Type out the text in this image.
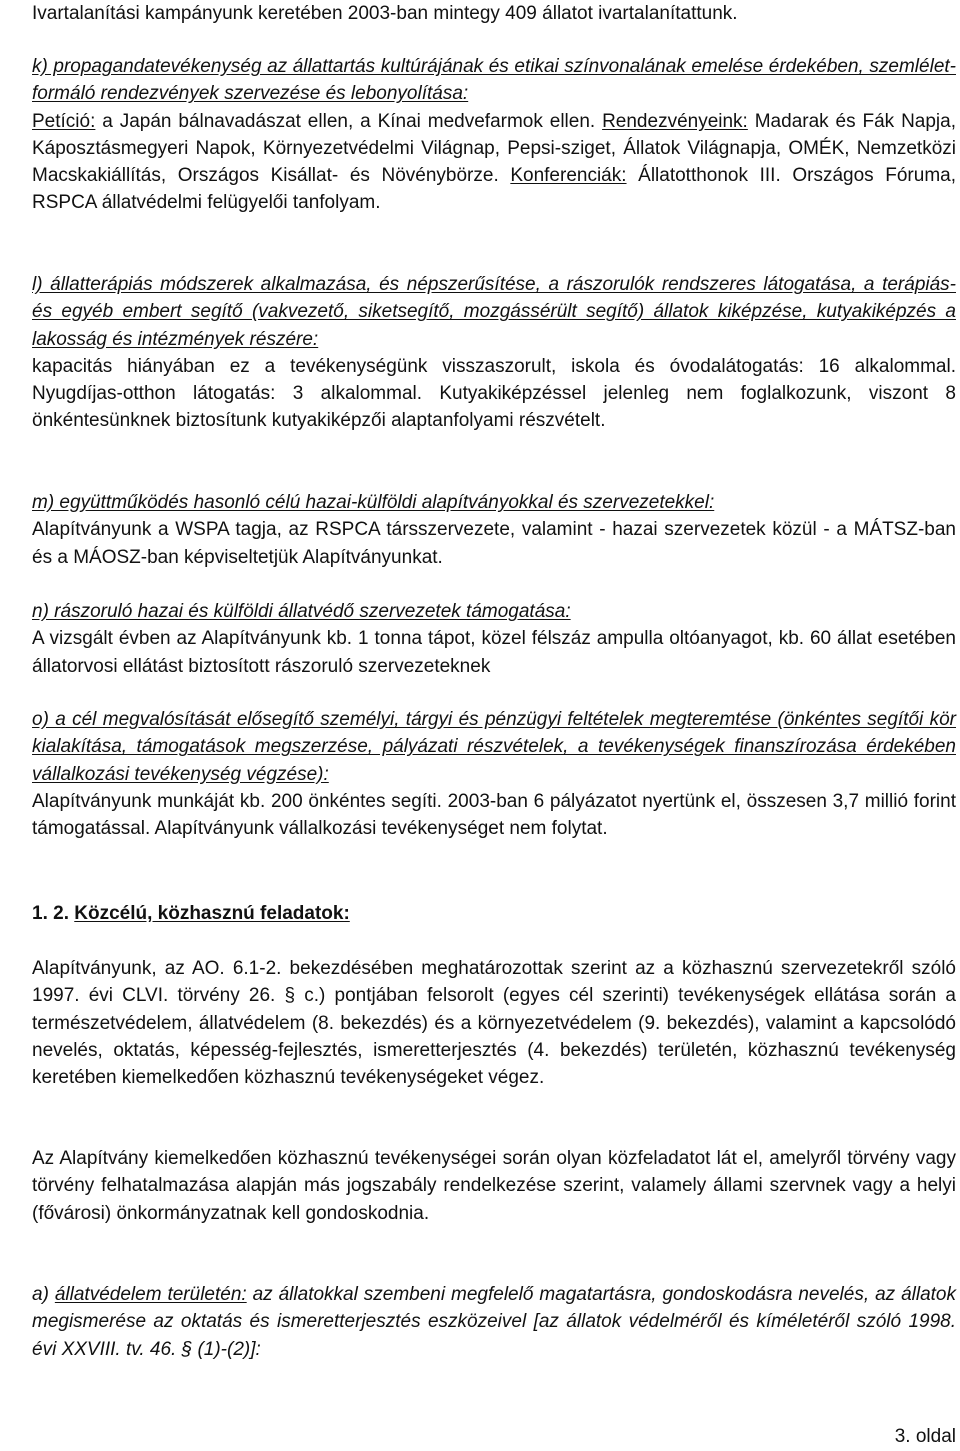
Ivartalanítási kampányunk keretében 2003-ban mintegy 409 állatot ivartalanítattunk.

k) propagandatevékenység az állattartás kultúrájának és etikai színvonalának emelése érdekében, szemlélet-formáló rendezvények szervezése és lebonyolítása:
Petíció: a Japán bálnavadászat ellen, a Kínai medvefarmok ellen. Rendezvényeink: Madarak és Fák Napja, Káposztásmegyeri Napok, Környezetvédelmi Világnap, Pepsi-sziget, Állatok Világnapja, OMÉK, Nemzetközi Macskakiállítás, Országos Kisállat- és Növénybörze. Konferenciák: Állatotthonok III. Országos Fóruma, RSPCA állatvédelmi felügyelői tanfolyam.
l) állatterápiás módszerek alkalmazása, és népszerűsítése, a rászorulók rendszeres látogatása, a terápiás- és egyéb embert segítő (vakvezető, siketsegítő, mozgássérült segítő) állatok kiképzése, kutyakiképzés a lakosság és intézmények részére:
kapacitás hiányában ez a tevékenységünk visszaszorult, iskola és óvodalátogatás: 16 alkalommal. Nyugdíjas-otthon látogatás: 3 alkalommal. Kutyakiképzéssel jelenleg nem foglalkozunk, viszont 8 önkéntesünknek biztosítunk kutyakiképzői alaptanfolyami részvételt.
m) együttműködés hasonló célú hazai-külföldi alapítványokkal és szervezetekkel:
Alapítványunk a WSPA tagja, az RSPCA társszervezete, valamint - hazai szervezetek közül - a MÁTSZ-ban és a MÁOSZ-ban képviseltetjük Alapítványunkat.
n) rászoruló hazai és külföldi állatvédő szervezetek támogatása:
A vizsgált évben az Alapítványunk kb. 1 tonna tápot, közel félszáz ampulla oltóanyagot, kb. 60 állat esetében állatorvosi ellátást biztosított rászoruló szervezeteknek
o) a cél megvalósítását elősegítő személyi, tárgyi és pénzügyi feltételek megteremtése (önkéntes segítői kör kialakítása, támogatások megszerzése, pályázati részvételek, a tevékenységek finanszírozása érdekében vállalkozási tevékenység végzése):
Alapítványunk munkáját kb. 200 önkéntes segíti. 2003-ban 6 pályázatot nyertünk el, összesen 3,7 millió forint támogatással. Alapítványunk vállalkozási tevékenységet nem folytat.
1. 2. Közcélú, közhasznú feladatok:

Alapítványunk, az AO. 6.1-2. bekezdésében meghatározottak szerint az a közhasznú szervezetekről szóló 1997. évi CLVI. törvény 26. § c.) pontjában felsorolt (egyes cél szerinti) tevékenységek ellátása során a természetvédelem, állatvédelem (8. bekezdés) és a környezetvédelem (9. bekezdés), valamint a kapcsolódó nevelés, oktatás, képesség-fejlesztés, ismeretterjesztés (4. bekezdés) területén, közhasznú tevékenység keretében kiemelkedően közhasznú tevékenységeket végez.

Az Alapítvány kiemelkedően közhasznú tevékenységei során olyan közfeladatot lát el, amelyről törvény vagy törvény felhatalmazása alapján más jogszabály rendelkezése szerint, valamely állami szervnek vagy a helyi (fővárosi) önkormányzatnak kell gondoskodnia.

a) állatvédelem területén: az állatokkal szembeni megfelelő magatartásra, gondoskodásra nevelés, az állatok megismerése az oktatás és ismeretterjesztés eszközeivel [az állatok védelméről és kíméletéről szóló 1998. évi XXVIII. tv. 46. § (1)-(2)]:
3. oldal
